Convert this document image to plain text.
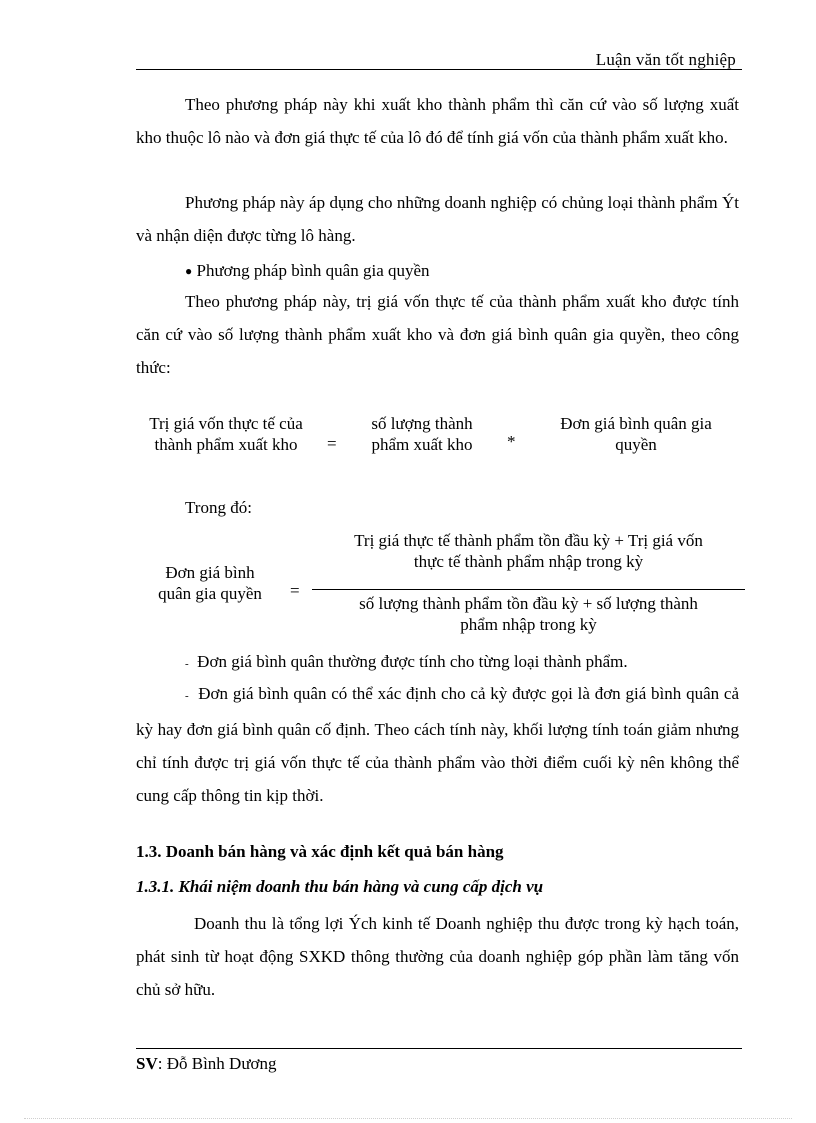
Luận văn tốt nghiệp

Theo phương pháp này khi xuất kho thành phẩm thì căn cứ vào số lượng xuất kho thuộc lô nào và đơn giá thực tế của lô đó để tính giá vốn của thành phẩm xuất kho.

Phương pháp này áp dụng cho những doanh nghiệp có chủng loại thành phẩm Ýt và nhận diện được từng lô hàng.

● Phương pháp bình quân gia quyền

Theo phương pháp này, trị giá vốn thực tế của thành phẩm xuất kho được tính căn cứ vào số lượng thành phẩm xuất kho và đơn giá bình quân gia quyền, theo công thức:

Trị giá vốn thực tế của
thành phẩm xuất kho	=
số lượng thành
phẩm xuất kho	*
Đơn giá bình quân gia
quyền
Trong đó:
Đơn giá bình
quân gia quyền	=
Trị giá thực tế thành phẩm tồn đầu kỳ + Trị giá vốn
thực tế thành phẩm nhập trong kỳ
số lượng thành phẩm tồn đầu kỳ + số lượng thành
phẩm nhập trong kỳ
- Đơn giá bình quân thường được tính cho từng loại thành phẩm.
- Đơn giá bình quân có thể xác định cho cả kỳ được gọi là đơn giá bình quân cả kỳ hay đơn giá bình quân cố định. Theo cách tính này, khối lượng tính toán giảm nhưng chỉ tính được trị giá vốn thực tế của thành phẩm vào thời điểm cuối kỳ nên không thể cung cấp thông tin kịp thời.
1.3. Doanh bán hàng và xác định kết quả bán hàng
1.3.1. Khái niệm doanh thu bán hàng và cung cấp dịch vụ

Doanh thu là tổng lợi Ých kinh tế Doanh nghiệp thu được trong kỳ hạch toán, phát sinh từ hoạt động SXKD thông thường của doanh nghiệp góp phần làm tăng vốn chủ sở hữu.

SV: Đỗ Bình Dương
